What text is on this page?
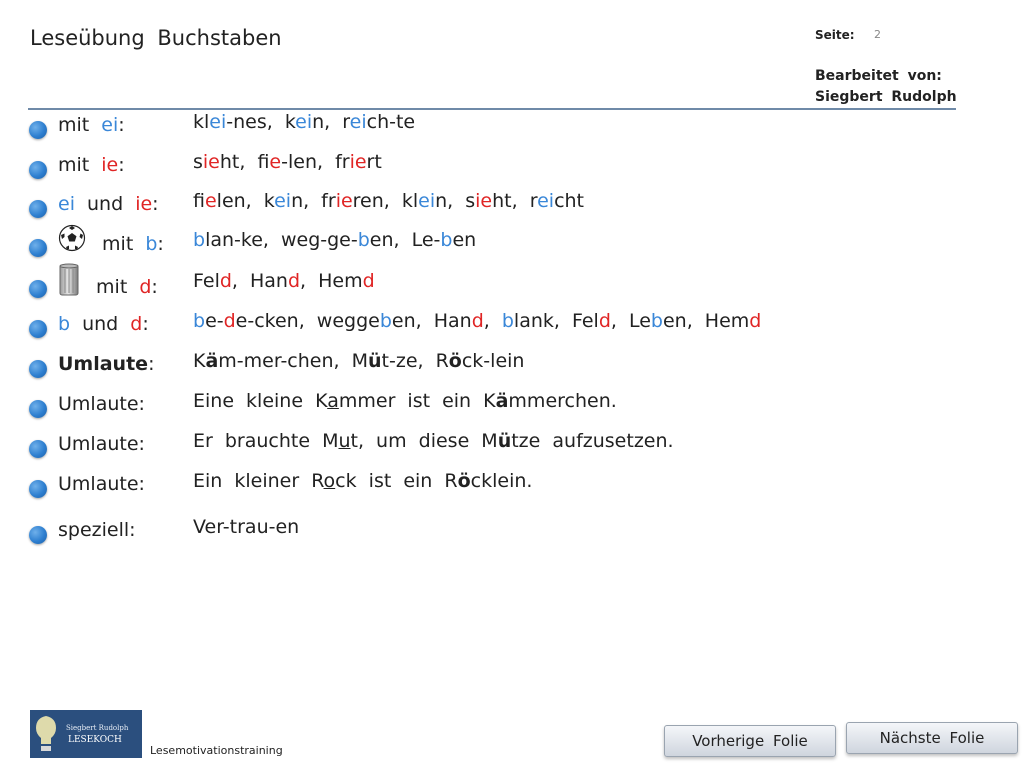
Leseübung Buchstaben	Seite: 2
Bearbeitet von:
Siegbert Rudolph
mit ei:	klei-nes, kein, reich-te
mit ie:	sieht, fie-len, friert
ei und ie: fielen, kein, frieren, klein, sieht, reicht
mit b: blan-ke, weg-ge-ben, Le-ben
mit d: Feld, Hand, Hemd
b und d: be-de-cken, weggeben, Hand, blank, Feld, Leben, Hemd
Umlaute: Käm-mer-chen, Müt-ze, Röck-lein
Umlaute:	Eine kleine Kammer ist ein Kämmerchen.
Umlaute:	Er brauchte Mut, um diese Mütze aufzusetzen.
Umlaute:	Ein kleiner Rock ist ein Röcklein.
speziell:	Ver-trau-en
Siegbert Rudolph
LESEKOCH
Lesemotivationstraining
Vorherige Folie	Nächste Folie
